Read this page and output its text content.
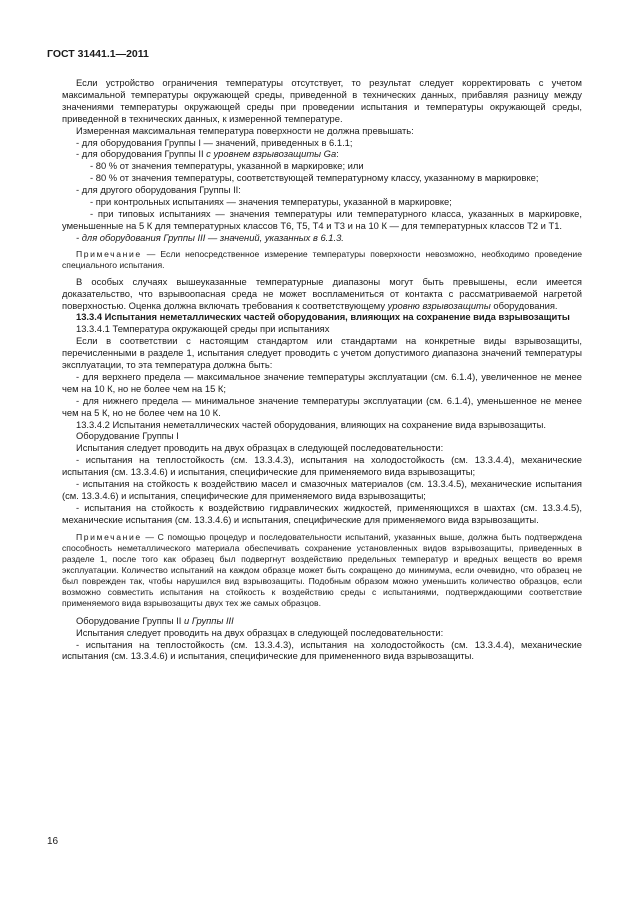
ГОСТ 31441.1—2011

Если устройство ограничения температуры отсутствует, то результат следует корректировать с учетом максимальной температуры окружающей среды, приведенной в технических данных, прибавляя разницу между значениями температуры окружающей среды при проведении испытания и температуры окружающей среды, приведенной в технических данных, к измеренной температуре.

Измеренная максимальная температура поверхности не должна превышать:

- для оборудования Группы I — значений, приведенных в 6.1.1;

- для оборудования Группы II с уровнем взрывозащиты Ga:

- 80 % от значения температуры, указанной в маркировке; или

- 80 % от значения температуры, соответствующей температурному классу, указанному в маркировке;

- для другого оборудования Группы II:

- при контрольных испытаниях — значения температуры, указанной в маркировке;

- при типовых испытаниях — значения температуры или температурного класса, указанных в маркировке, уменьшенные на 5 К для температурных классов Т6, Т5, Т4 и Т3 и на 10 К — для температурных классов Т2 и Т1.

- для оборудования Группы III — значений, указанных в 6.1.3.

Примечание — Если непосредственное измерение температуры поверхности невозможно, необходимо проведение специального испытания.

В особых случаях вышеуказанные температурные диапазоны могут быть превышены, если имеется доказательство, что взрывоопасная среда не может воспламениться от контакта с рассматриваемой нагретой поверхностью. Оценка должна включать требования к соответствующему уровню взрывозащиты оборудования.

13.3.4 Испытания неметаллических частей оборудования, влияющих на сохранение вида взрывозащиты

13.3.4.1 Температура окружающей среды при испытаниях

Если в соответствии с настоящим стандартом или стандартами на конкретные виды взрывозащиты, перечисленными в разделе 1, испытания следует проводить с учетом допустимого диапазона значений температуры эксплуатации, то эта температура должна быть:

- для верхнего предела — максимальное значение температуры эксплуатации (см. 6.1.4), увеличенное не менее чем на 10 К, но не более чем на 15 К;

- для нижнего предела — минимальное значение температуры эксплуатации (см. 6.1.4), уменьшенное не менее чем на 5 К, но не более чем на 10 К.

13.3.4.2 Испытания неметаллических частей оборудования, влияющих на сохранение вида взрывозащиты.

Оборудование Группы I

Испытания следует проводить на двух образцах в следующей последовательности:

- испытания на теплостойкость (см. 13.3.4.3), испытания на холодостойкость (см. 13.3.4.4), механические испытания (см. 13.3.4.6) и испытания, специфические для применяемого вида взрывозащиты;

- испытания на стойкость к воздействию масел и смазочных материалов (см. 13.3.4.5), механические испытания (см. 13.3.4.6) и испытания, специфические для применяемого вида взрывозащиты;

- испытания на стойкость к воздействию гидравлических жидкостей, применяющихся в шахтах (см. 13.3.4.5), механические испытания (см. 13.3.4.6) и испытания, специфические для применяемого вида взрывозащиты.

Примечание — С помощью процедур и последовательности испытаний, указанных выше, должна быть подтверждена способность неметаллического материала обеспечивать сохранение установленных видов взрывозащиты, приведенных в разделе 1, после того как образец был подвергнут воздействию предельных температур и вредных веществ во время эксплуатации. Количество испытаний на каждом образце может быть сокращено до минимума, если очевидно, что образец не был поврежден так, чтобы нарушился вид взрывозащиты. Подобным образом можно уменьшить количество образцов, если возможно совместить испытания на стойкость к воздействию среды с испытаниями, подтверждающими соответствие применяемого вида взрывозащиты двух тех же самых образцов.

Оборудование Группы II и Группы III

Испытания следует проводить на двух образцах в следующей последовательности:

- испытания на теплостойкость (см. 13.3.4.3), испытания на холодостойкость (см. 13.3.4.4), механические испытания (см. 13.3.4.6) и испытания, специфические для примененного вида взрывозащиты.

16
